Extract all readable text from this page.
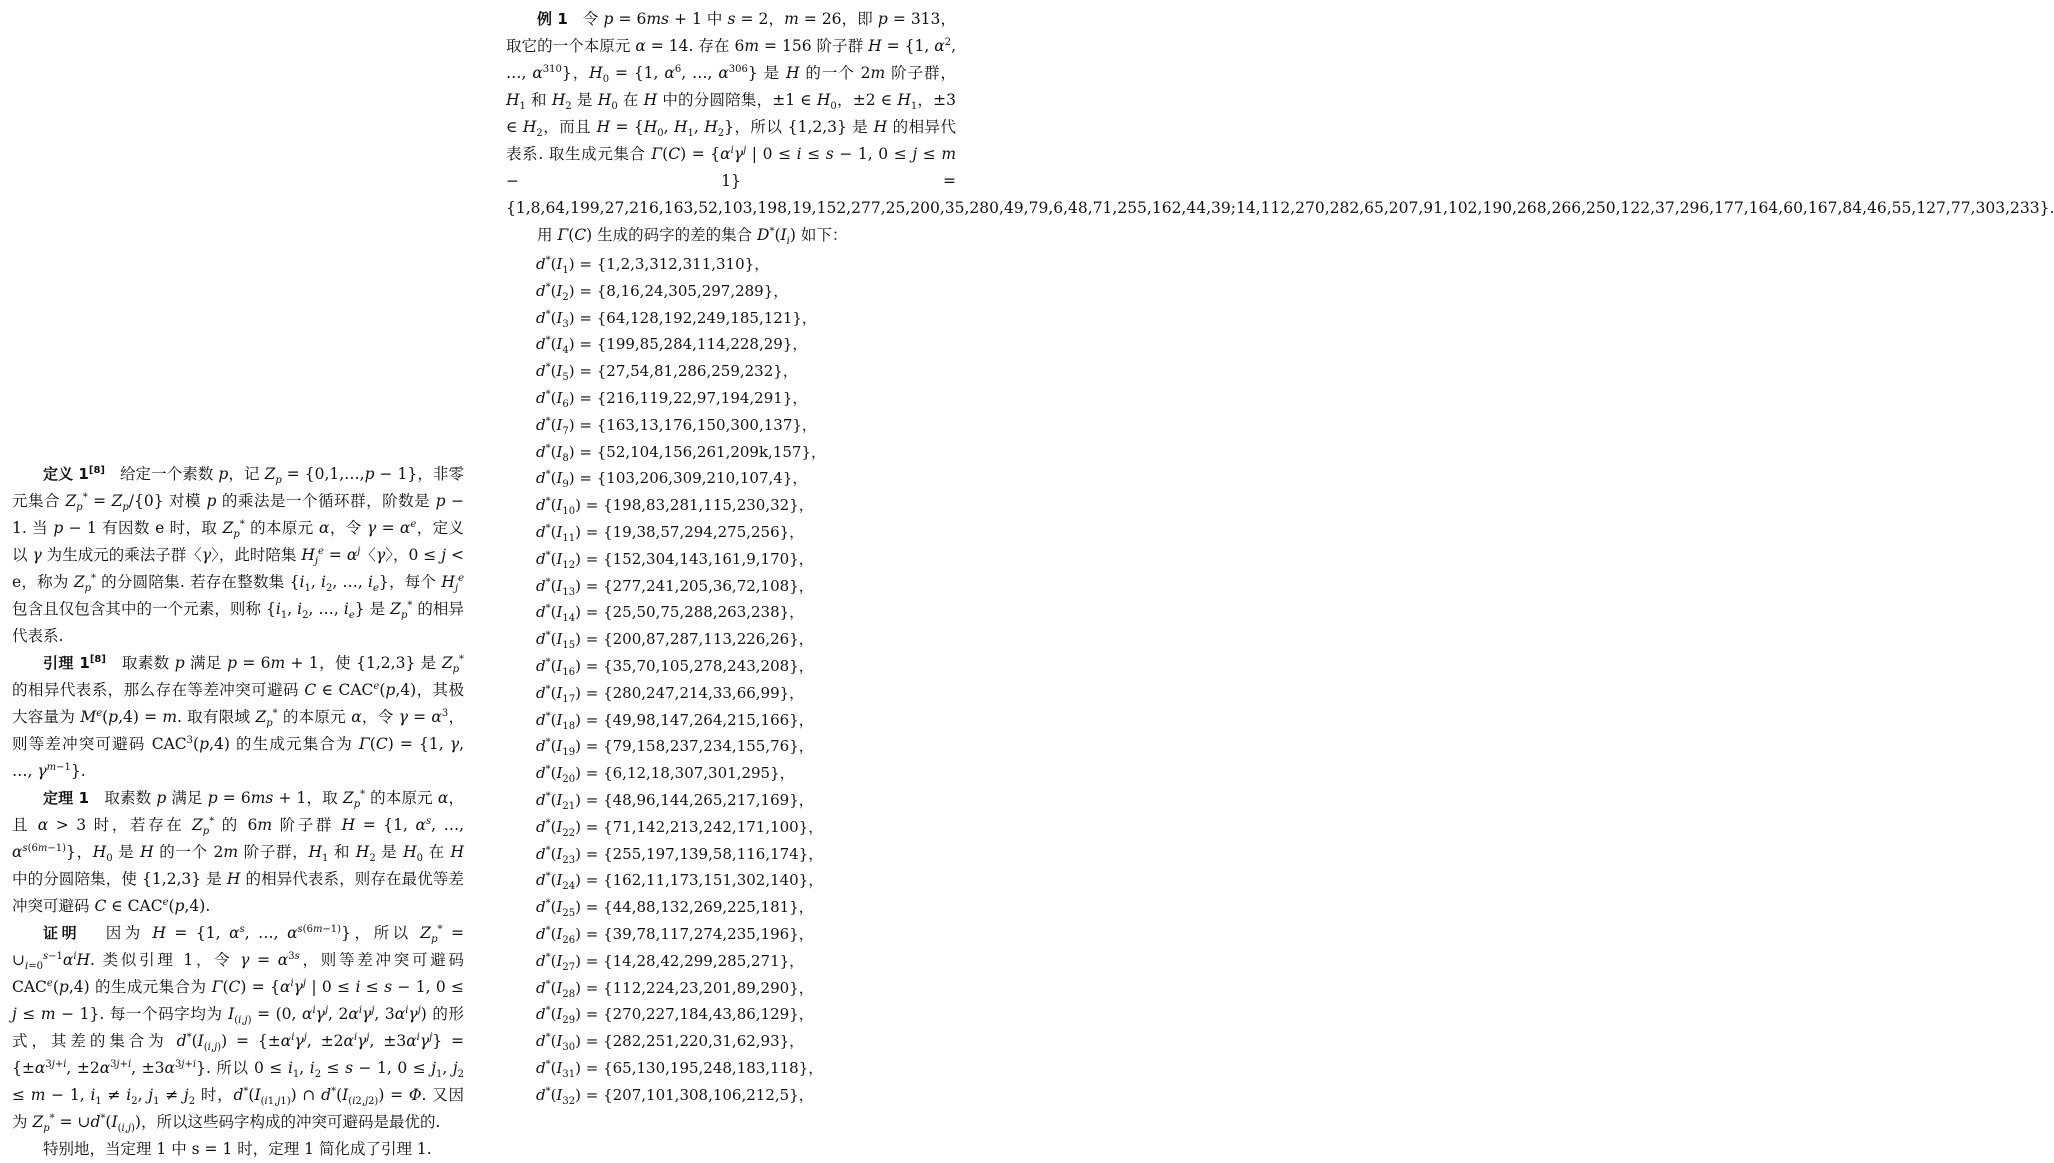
定义 1[8]   给定一个素数 p，记 $Z_p$ = {0,1,…,p − 1}，非零元集合 $Z_p^* = Z_p/\{0\}$ 对模 p 的乘法是一个循环群，阶数是 p − 1. 当 p − 1 有因数 e 时，取 $Z_p^*$ 的本原元 α，令 $\gamma = \alpha^e$，定义以 γ 为生成元的乘法子群〈γ〉，此时陪集 $H_j^e = \alpha^j$〈γ〉，0 ≤ j < e，称为 $Z_p^*$ 的分圆陪集. 若存在整数集 {$i_1$, $i_2$, …, $i_e$}，每个 $H_j^e$ 包含且仅包含其中的一个元素，则称 {$i_1$, $i_2$, …, $i_e$} 是 $Z_p^*$ 的相异代表系.

引理 1[8]   取素数 p 满足 p = 6m + 1，使 {1,2,3} 是 $Z_p^*$ 的相异代表系，那么存在等差冲突可避码 C ∈ CAC$^e$(p,4)，其极大容量为 $M^e(p,4) = m$. 取有限域 $Z_p^*$ 的本原元 α，令 $\gamma = \alpha^3$，则等差冲突可避码 CAC$^3$(p,4) 的生成元集合为 Γ(C) = {1, γ, …, $\gamma^{m-1}$}.

定理 1   取素数 p 满足 p = 6ms + 1，取 $Z_p^*$ 的本原元 α，且 α > 3 时，若存在 $Z_p^*$ 的 6m 阶子群 H = {1, $\alpha^s$, …, $\alpha^{s(6m-1)}$}，$H_0$ 是 H 的一个 2m 阶子群，$H_1$ 和 $H_2$ 是 $H_0$ 在 H 中的分圆陪集，使 {1,2,3} 是 H 的相异代表系，则存在最优等差冲突可避码 C ∈ CAC$^e$(p,4).

证明   因为 H = {1, $\alpha^s$, …, $\alpha^{s(6m-1)}$}，所以 $Z_p^*$ = $\cup_{i=0}^{s-1}\alpha^iH$. 类似引理 1，令 $\gamma = \alpha^{3s}$，则等差冲突可避码 CAC$^e$(p,4) 的生成元集合为 $\Gamma(C) = \{\alpha^i\gamma^j$ | 0 ≤ i ≤ s − 1, 0 ≤ j ≤ m − 1}. 每一个码字均为 $I_{(i,j)} = (0$, $\alpha^i\gamma^j$, $2\alpha^i\gamma^j$, $3\alpha^i\gamma^j$) 的形式，其差的集合为 $d^*(I_{(i,j)}) = \{\pm\alpha^i\gamma^j$, $\pm 2\alpha^i\gamma^j$, $\pm 3\alpha^i\gamma^j\} = \{\pm\alpha^{3j+i}$, $\pm 2\alpha^{3j+i}$, $\pm 3\alpha^{3j+i}$}. 所以 $0 \le i_1$, $i_2 \le s - 1$, $0 \le j_1$, $j_2 \le m - 1$, $i_1 \ne i_2$, $j_1 \ne j_2$ 时，$d^*(I_{(i1,j1)})$ ∩ $d^*(I_{(i2,j2)}) = \Phi$. 又因为 $Z_p^*$ = $\cup d^*(I_{(i,j)})$，所以这些码字构成的冲突可避码是最优的.

特别地，当定理 1 中 s = 1 时，定理 1 简化成了引理 1.

例 1   令 p = 6ms + 1 中 s = 2，m = 26，即 p = 313，取它的一个本原元 α = 14. 存在 6m = 156 阶子群 H = {1, $\alpha^2$, …, $\alpha^{310}$}，$H_0 = \{1$, $\alpha^6$, …, $\alpha^{306}$} 是 H 的一个 2m 阶子群，$H_1$ 和 $H_2$ 是 $H_0$ 在 H 中的分圆陪集，±1 ∈ $H_0$，±2 ∈ $H_1$，±3 ∈ $H_2$，而且 $H = \{H_0$, $H_1$, $H_2$}，所以 {1,2,3} 是 H 的相异代表系. 取生成元集合 $\Gamma(C) = \{\alpha^i\gamma^j$ | 0 ≤ i ≤ s − 1, 0 ≤ j ≤ m − 1} = {1,8,64,199,27,216,163,52,103,198,19,152,277,25,200,35,280,49,79,6,48,71,255,162,44,39;14,112,270,282,65,207,91,102,190,268,266,250,122,37,296,177,164,60,167,84,46,55,127,77,303,233}.

用 Γ(C) 生成的码字的差的集合 $D^*(I_i)$ 如下：

$d^*(I_1) = \{1,2,3,312,311,310\}$，
$d^*(I_2) = \{8,16,24,305,297,289\}$，
$d^*(I_3) = \{64,128,192,249,185,121\}$，
$d^*(I_4) = \{199,85,284,114,228,29\}$，
$d^*(I_5) = \{27,54,81,286,259,232\}$，
$d^*(I_6) = \{216,119,22,97,194,291\}$，
$d^*(I_7) = \{163,13,176,150,300,137\}$，
$d^*(I_8) = \{52,104,156,261,209k,157\}$，
$d^*(I_9) = \{103,206,309,210,107,4\}$，
$d^*(I_{10}) = \{198,83,281,115,230,32\}$，
$d^*(I_{11}) = \{19,38,57,294,275,256\}$，
$d^*(I_{12}) = \{152,304,143,161,9,170\}$，
$d^*(I_{13}) = \{277,241,205,36,72,108\}$，
$d^*(I_{14}) = \{25,50,75,288,263,238\}$，
$d^*(I_{15}) = \{200,87,287,113,226,26\}$，
$d^*(I_{16}) = \{35,70,105,278,243,208\}$，
$d^*(I_{17}) = \{280,247,214,33,66,99\}$，
$d^*(I_{18}) = \{49,98,147,264,215,166\}$，
$d^*(I_{19}) = \{79,158,237,234,155,76\}$，
$d^*(I_{20}) = \{6,12,18,307,301,295\}$，
$d^*(I_{21}) = \{48,96,144,265,217,169\}$，
$d^*(I_{22}) = \{71,142,213,242,171,100\}$，
$d^*(I_{23}) = \{255,197,139,58,116,174\}$，
$d^*(I_{24}) = \{162,11,173,151,302,140\}$，
$d^*(I_{25}) = \{44,88,132,269,225,181\}$，
$d^*(I_{26}) = \{39,78,117,274,235,196\}$，
$d^*(I_{27}) = \{14,28,42,299,285,271\}$，
$d^*(I_{28}) = \{112,224,23,201,89,290\}$，
$d^*(I_{29}) = \{270,227,184,43,86,129\}$，
$d^*(I_{30}) = \{282,251,220,31,62,93\}$，
$d^*(I_{31}) = \{65,130,195,248,183,118\}$，
$d^*(I_{32}) = \{207,101,308,106,212,5\}$，
